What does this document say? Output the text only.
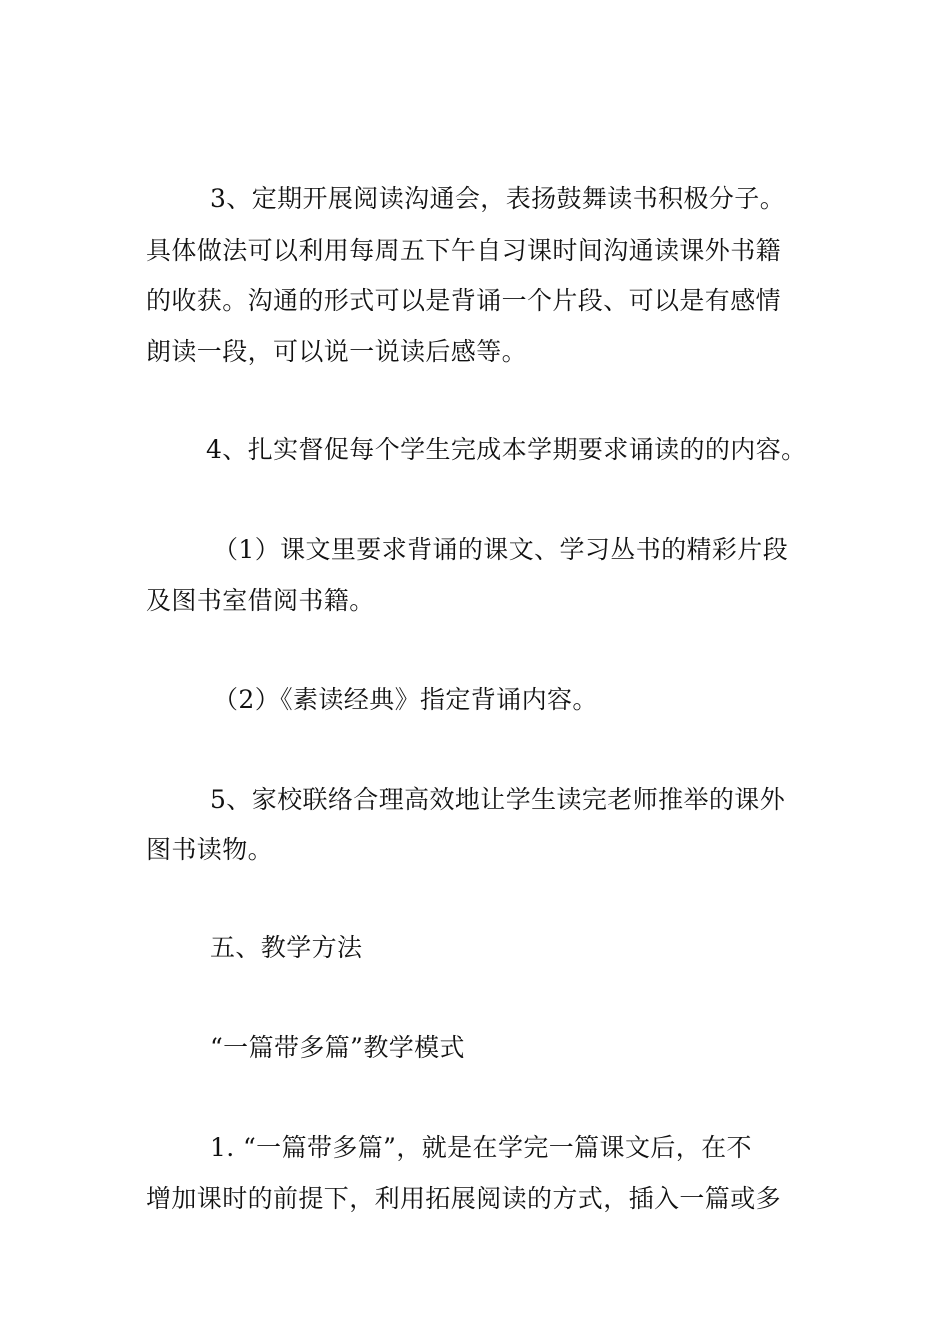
3、定期开展阅读沟通会，表扬鼓舞读书积极分子。
具体做法可以利用每周五下午自习课时间沟通读课外书籍
的收获。沟通的形式可以是背诵一个片段、可以是有感情
朗读一段，可以说一说读后感等。
4、扎实督促每个学生完成本学期要求诵读的的内容。
（1）课文里要求背诵的课文、学习丛书的精彩片段
及图书室借阅书籍。
（2）《素读经典》指定背诵内容。
5、家校联络合理高效地让学生读完老师推举的课外
图书读物。
五、教学方法
“一篇带多篇”教学模式
1. “一篇带多篇”，就是在学完一篇课文后，在不
增加课时的前提下，利用拓展阅读的方式，插入一篇或多
